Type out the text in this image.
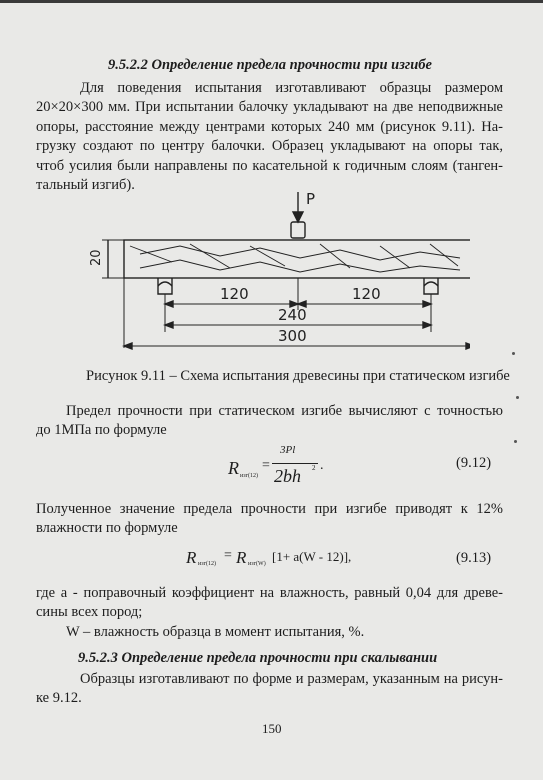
9.5.2.2 Определение предела прочности при изгибе
Для поведения испытания изготавливают образцы размером
20×20×300 мм. При испытании балочку укладывают на две неподвижные
опоры, расстояние между центрами которых 240 мм (рисунок 9.11). На-
грузку создают по центру балочки. Образец укладывают на опоры так,
чтоб усилия были направлены по касательной к годичным слоям (танген-
тальный изгиб).
P
20
120	120
240
300
Рисунок 9.11 – Схема испытания древесины при статическом изгибе
Предел прочности при статическом изгибе вычисляют с точностью
до 1МПа по формуле
R изг(12)
=
3Pl
2bh 2 .	(9.12)
Полученное значение предела прочности при изгибе приводят к 12%
влажности по формуле
R изг(12)
= R изг(W) [1+ a(W - 12)],	(9.13)
где a - поправочный коэффициент на влажность, равный 0,04 для древе-
сины всех пород;
W – влажность образца в момент испытания, %.
9.5.2.3 Определение предела прочности при скалывании
Образцы изготавливают по форме и размерам, указанным на рисун-
ке 9.12.
150
